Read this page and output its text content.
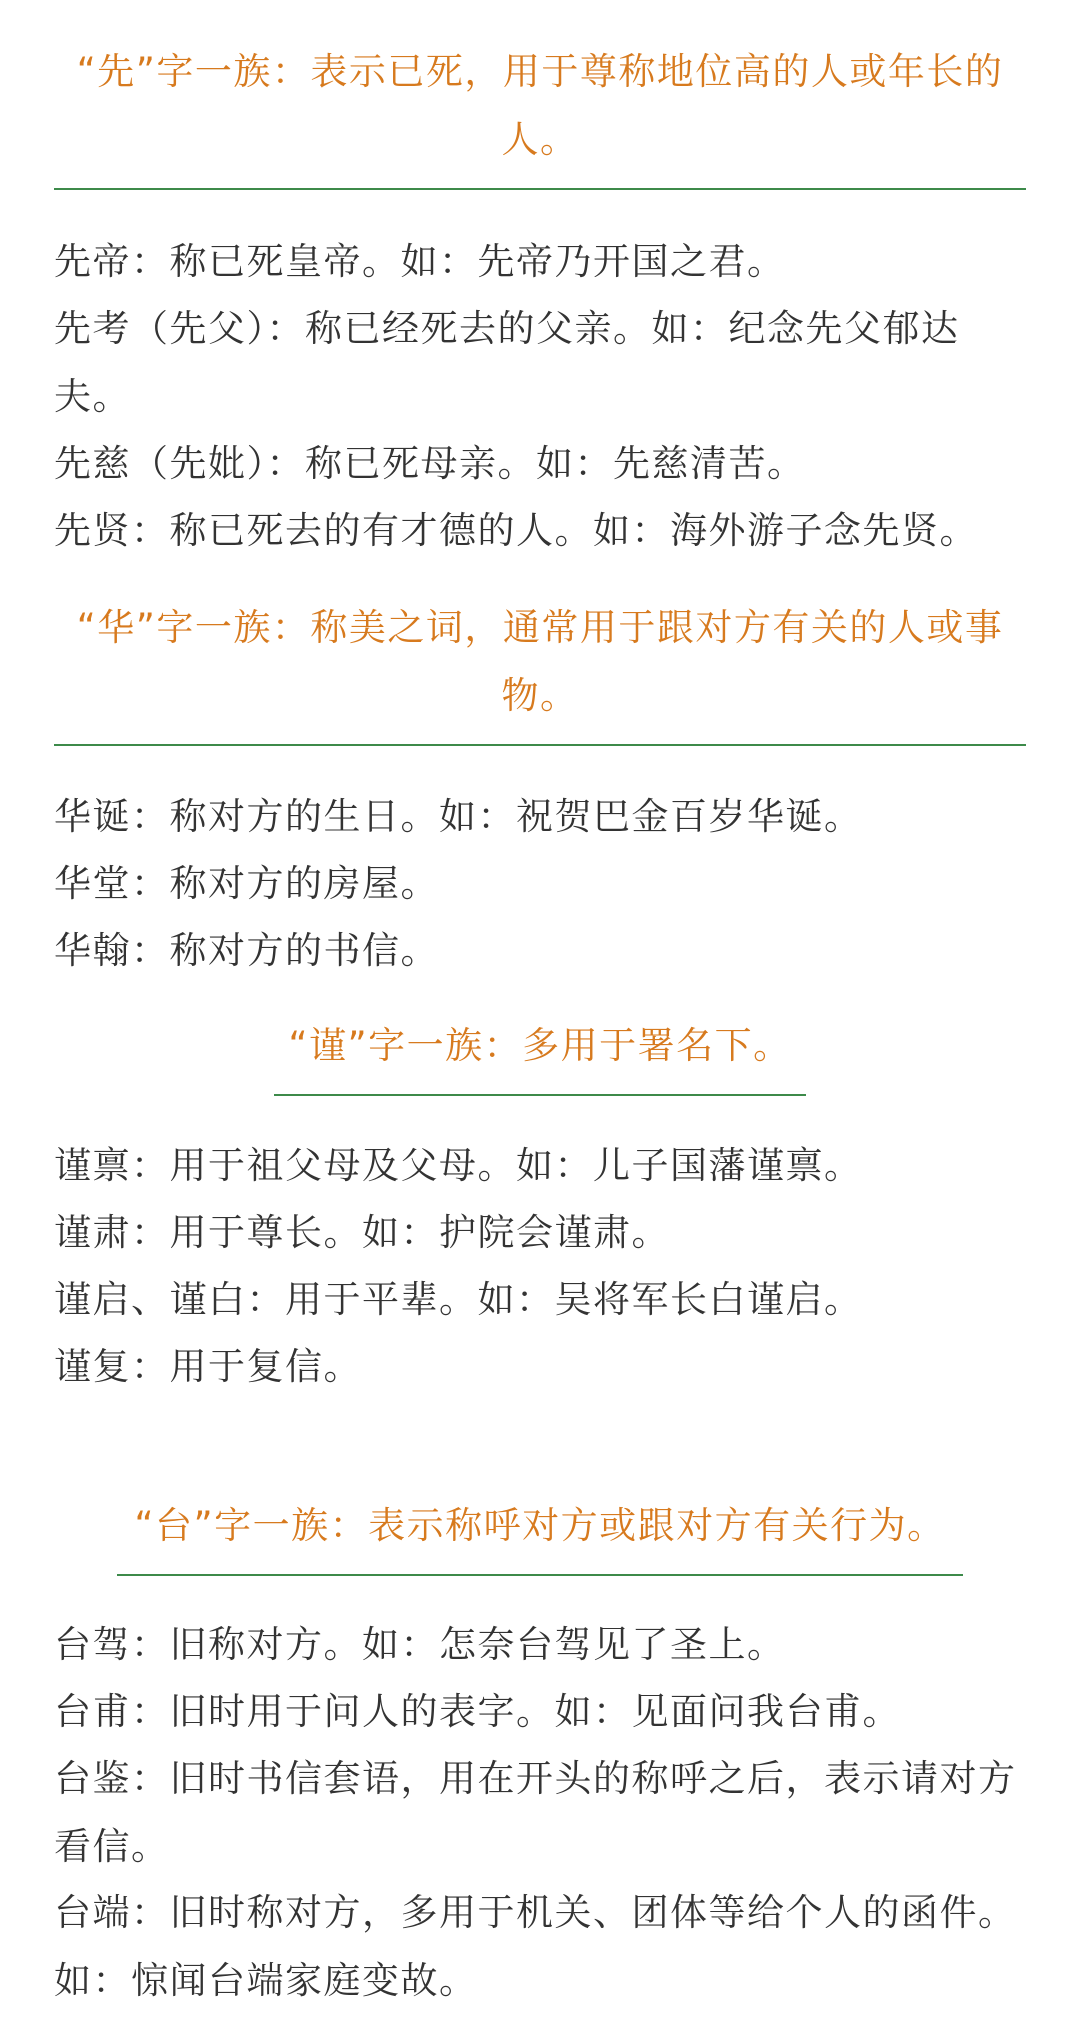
“先”字一族：表示已死，用于尊称地位高的人或年长的人。
先帝：称已死皇帝。如：先帝乃开国之君。
先考（先父）：称已经死去的父亲。如：纪念先父郁达夫。
先慈（先妣）：称已死母亲。如：先慈清苦。
先贤：称已死去的有才德的人。如：海外游子念先贤。
“华”字一族：称美之词，通常用于跟对方有关的人或事物。
华诞：称对方的生日。如：祝贺巴金百岁华诞。
华堂：称对方的房屋。
华翰：称对方的书信。
“谨”字一族：多用于署名下。
谨禀：用于祖父母及父母。如：儿子国藩谨禀。
谨肃：用于尊长。如：护院会谨肃。
谨启、谨白：用于平辈。如：吴将军长白谨启。
谨复：用于复信。
“台”字一族：表示称呼对方或跟对方有关行为。
台驾：旧称对方。如：怎奈台驾见了圣上。
台甫：旧时用于问人的表字。如：见面问我台甫。
台鉴：旧时书信套语，用在开头的称呼之后，表示请对方看信。
台端：旧时称对方，多用于机关、团体等给个人的函件。如：惊闻台端家庭变故。
